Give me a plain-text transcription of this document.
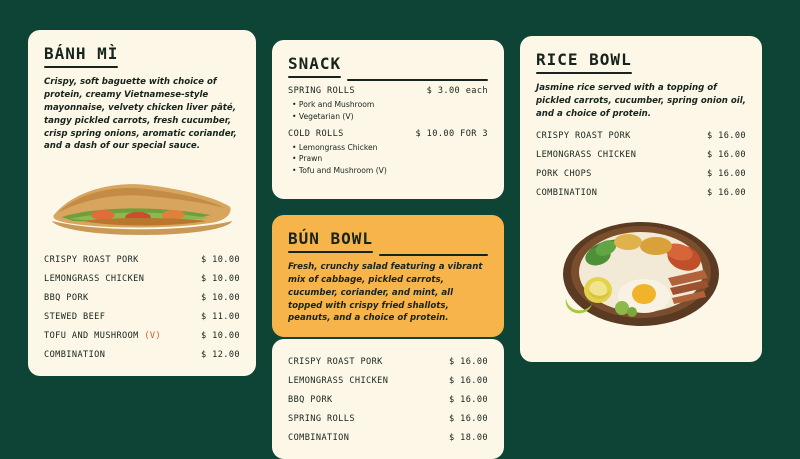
BÁNH MÌ
Crispy, soft baguette with choice of protein, creamy Vietnamese-style mayonnaise, velvety chicken liver pâté, tangy pickled carrots, fresh cucumber, crisp spring onions, aromatic coriander, and a dash of our special sauce.
CRISPY ROAST PORK	$ 10.00
LEMONGRASS CHICKEN	$ 10.00
BBQ PORK	$ 10.00
STEWED BEEF	$ 11.00
TOFU AND MUSHROOM (V)	$ 10.00
COMBINATION	$ 12.00
SNACK
SPRING ROLLS	$ 3.00 each
• Pork and Mushroom
• Vegetarian (V)
COLD ROLLS	$ 10.00 FOR 3
• Lemongrass Chicken
• Prawn
• Tofu and Mushroom (V)
BÚN BOWL
Fresh, crunchy salad featuring a vibrant mix of cabbage, pickled carrots, cucumber, coriander, and mint, all topped with crispy fried shallots, peanuts, and a choice of protein.
CRISPY ROAST PORK	$ 16.00
LEMONGRASS CHICKEN	$ 16.00
BBQ PORK	$ 16.00
SPRING ROLLS	$ 16.00
COMBINATION	$ 18.00
RICE BOWL
Jasmine rice served with a topping of pickled carrots, cucumber, spring onion oil, and a choice of protein.
CRISPY ROAST PORK	$ 16.00
LEMONGRASS CHICKEN	$ 16.00
PORK CHOPS	$ 16.00
COMBINATION	$ 16.00
